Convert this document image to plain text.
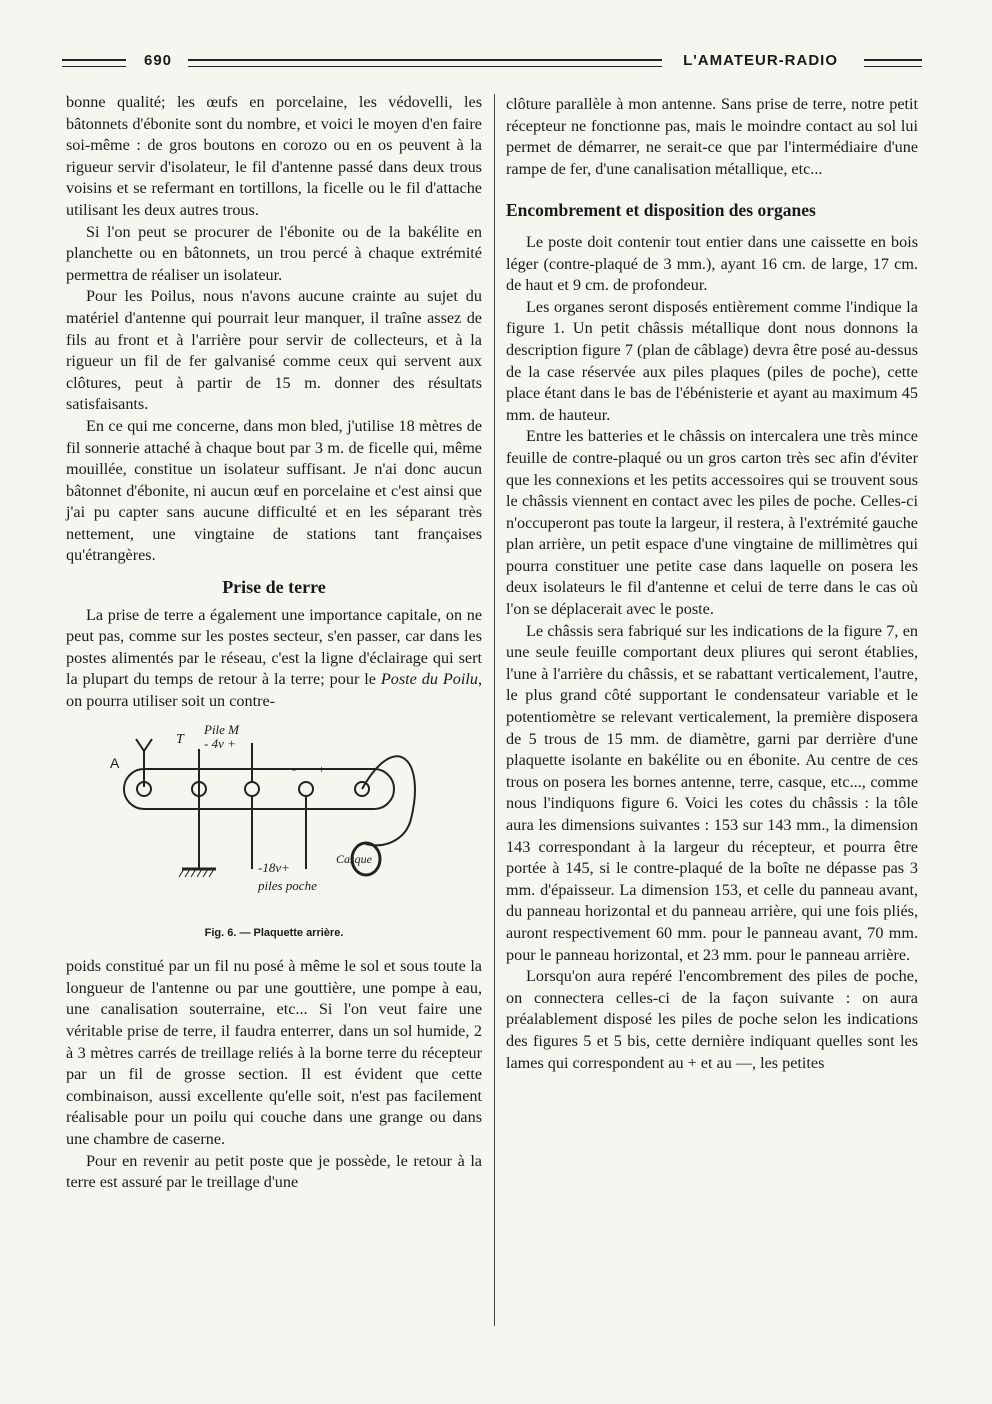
690	L'AMATEUR-RADIO

bonne qualité; les œufs en porcelaine, les védovelli, les bâtonnets d'ébonite sont du nombre, et voici le moyen d'en faire soi-même : de gros boutons en corozo ou en os peuvent à la rigueur servir d'isolateur, le fil d'antenne passé dans deux trous voisins et se refermant en tortillons, la ficelle ou le fil d'attache utilisant les deux autres trous.

Si l'on peut se procurer de l'ébonite ou de la bakélite en planchette ou en bâtonnets, un trou percé à chaque extrémité permettra de réaliser un isolateur.

Pour les Poilus, nous n'avons aucune crainte au sujet du matériel d'antenne qui pourrait leur manquer, il traîne assez de fils au front et à l'arrière pour servir de collecteurs, et à la rigueur un fil de fer galvanisé comme ceux qui servent aux clôtures, peut à partir de 15 m. donner des résultats satisfaisants.

En ce qui me concerne, dans mon bled, j'utilise 18 mètres de fil sonnerie attaché à chaque bout par 3 m. de ficelle qui, même mouillée, constitue un isolateur suffisant. Je n'ai donc aucun bâtonnet d'ébonite, ni aucun œuf en porcelaine et c'est ainsi que j'ai pu capter sans aucune difficulté et en les séparant très nettement, une vingtaine de stations tant françaises qu'étrangères.

Prise de terre

La prise de terre a également une importance capitale, on ne peut pas, comme sur les postes secteur, s'en passer, car dans les postes alimentés par le réseau, c'est la ligne d'éclairage qui sert la plupart du temps de retour à la terre; pour le Poste du Poilu, on pourra utiliser soit un contre-

A
T
Pile M
- 4v +
+
-
-18v+
piles poche
Casque
Fig. 6. — Plaquette arrière.

poids constitué par un fil nu posé à même le sol et sous toute la longueur de l'antenne ou par une gouttière, une pompe à eau, une canalisation souterraine, etc... Si l'on veut faire une véritable prise de terre, il faudra enterrer, dans un sol humide, 2 à 3 mètres carrés de treillage reliés à la borne terre du récepteur par un fil de grosse section. Il est évident que cette combinaison, aussi excellente qu'elle soit, n'est pas facilement réalisable pour un poilu qui couche dans une grange ou dans une chambre de caserne.

Pour en revenir au petit poste que je possède, le retour à la terre est assuré par le treillage d'une

clôture parallèle à mon antenne. Sans prise de terre, notre petit récepteur ne fonctionne pas, mais le moindre contact au sol lui permet de démarrer, ne serait-ce que par l'intermédiaire d'une rampe de fer, d'une canalisation métallique, etc...

Encombrement et disposition des organes

Le poste doit contenir tout entier dans une caissette en bois léger (contre-plaqué de 3 mm.), ayant 16 cm. de large, 17 cm. de haut et 9 cm. de profondeur.

Les organes seront disposés entièrement comme l'indique la figure 1. Un petit châssis métallique dont nous donnons la description figure 7 (plan de câblage) devra être posé au-dessus de la case réservée aux piles plaques (piles de poche), cette place étant dans le bas de l'ébénisterie et ayant au maximum 45 mm. de hauteur.

Entre les batteries et le châssis on intercalera une très mince feuille de contre-plaqué ou un gros carton très sec afin d'éviter que les connexions et les petits accessoires qui se trouvent sous le châssis viennent en contact avec les piles de poche. Celles-ci n'occuperont pas toute la largeur, il restera, à l'extrémité gauche plan arrière, un petit espace d'une vingtaine de millimètres qui pourra constituer une petite case dans laquelle on posera les deux isolateurs le fil d'antenne et celui de terre dans le cas où l'on se déplacerait avec le poste.

Le châssis sera fabriqué sur les indications de la figure 7, en une seule feuille comportant deux pliures qui seront établies, l'une à l'arrière du châssis, et se rabattant verticalement, l'autre, le plus grand côté supportant le condensateur variable et le potentiomètre se relevant verticalement, la première disposera de 5 trous de 15 mm. de diamètre, garni par derrière d'une plaquette isolante en bakélite ou en ébonite. Au centre de ces trous on posera les bornes antenne, terre, casque, etc..., comme nous l'indiquons figure 6. Voici les cotes du châssis : la tôle aura les dimensions suivantes : 153 sur 143 mm., la dimension 143 correspondant à la largeur du récepteur, et pourra être portée à 145, si le contre-plaqué de la boîte ne dépasse pas 3 mm. d'épaisseur. La dimension 153, et celle du panneau avant, du panneau horizontal et du panneau arrière, qui une fois pliés, auront respectivement 60 mm. pour le panneau avant, 70 mm. pour le panneau horizontal, et 23 mm. pour le panneau arrière.

Lorsqu'on aura repéré l'encombrement des piles de poche, on connectera celles-ci de la façon suivante : on aura préalablement disposé les piles de poche selon les indications des figures 5 et 5 bis, cette dernière indiquant quelles sont les lames qui correspondent au + et au —, les petites
